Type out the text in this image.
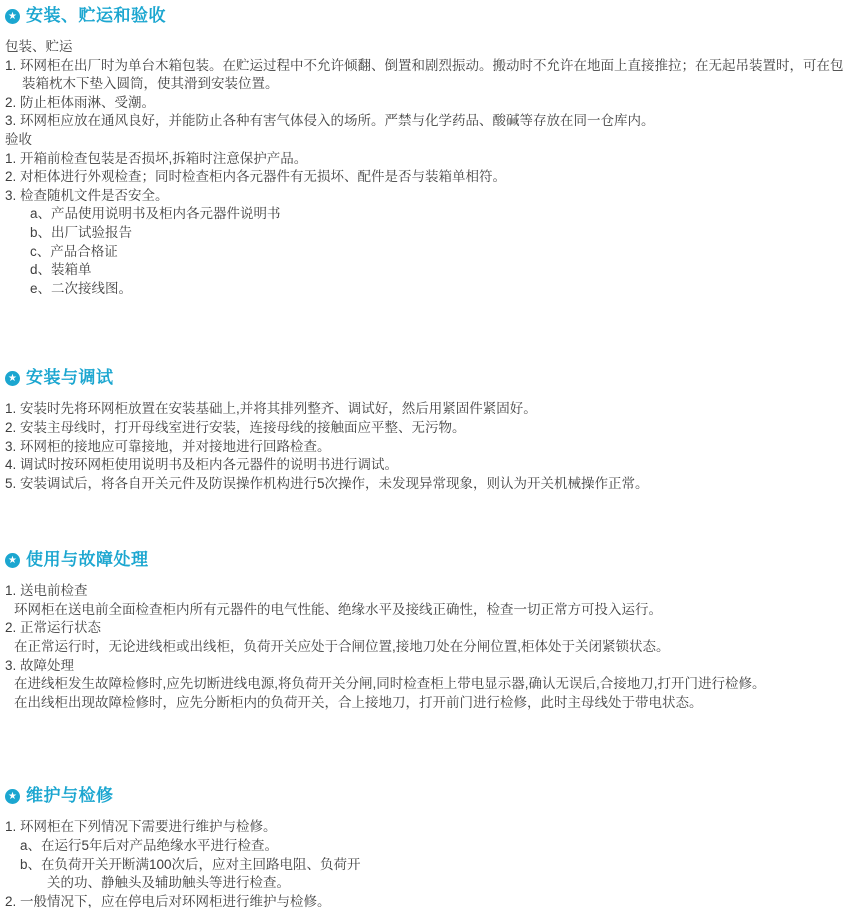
★ 安装、贮运和验收
包装、贮运
1. 环网柜在出厂时为单台木箱包装。在贮运过程中不允许倾翻、倒置和剧烈振动。搬动时不允许在地面上直接推拉；在无起吊装置时，可在包
装箱枕木下垫入圆筒，使其滑到安装位置。
2. 防止柜体雨淋、受潮。
3. 环网柜应放在通风良好，并能防止各种有害气体侵入的场所。严禁与化学药品、酸碱等存放在同一仓库内。
验收
1. 开箱前检查包装是否损坏,拆箱时注意保护产品。
2. 对柜体进行外观检查；同时检查柜内各元器件有无损坏、配件是否与装箱单相符。
3. 检查随机文件是否安全。
a、产品使用说明书及柜内各元器件说明书
b、出厂试验报告
c、产品合格证
d、装箱单
e、二次接线图。
★ 安装与调试
1. 安装时先将环网柜放置在安装基础上,并将其排列整齐、调试好，然后用紧固件紧固好。
2. 安装主母线时，打开母线室进行安装，连接母线的接触面应平整、无污物。
3. 环网柜的接地应可靠接地，并对接地进行回路检查。
4. 调试时按环网柜使用说明书及柜内各元器件的说明书进行调试。
5. 安装调试后，将各自开关元件及防误操作机构进行5次操作，未发现异常现象，则认为开关机械操作正常。
★ 使用与故障处理
1. 送电前检查
环网柜在送电前全面检查柜内所有元器件的电气性能、绝缘水平及接线正确性，检查一切正常方可投入运行。
2. 正常运行状态
在正常运行时，无论进线柜或出线柜，负荷开关应处于合闸位置,接地刀处在分闸位置,柜体处于关闭紧锁状态。
3. 故障处理
在进线柜发生故障检修时,应先切断进线电源,将负荷开关分闸,同时检查柜上带电显示器,确认无误后,合接地刀,打开门进行检修。
在出线柜出现故障检修时，应先分断柜内的负荷开关，合上接地刀，打开前门进行检修，此时主母线处于带电状态。
★ 维护与检修
1. 环网柜在下列情况下需要进行维护与检修。
a、在运行5年后对产品绝缘水平进行检查。
b、在负荷开关开断满100次后，应对主回路电阻、负荷开
关的功、静触头及辅助触头等进行检查。
2. 一般情况下，应在停电后对环网柜进行维护与检修。
